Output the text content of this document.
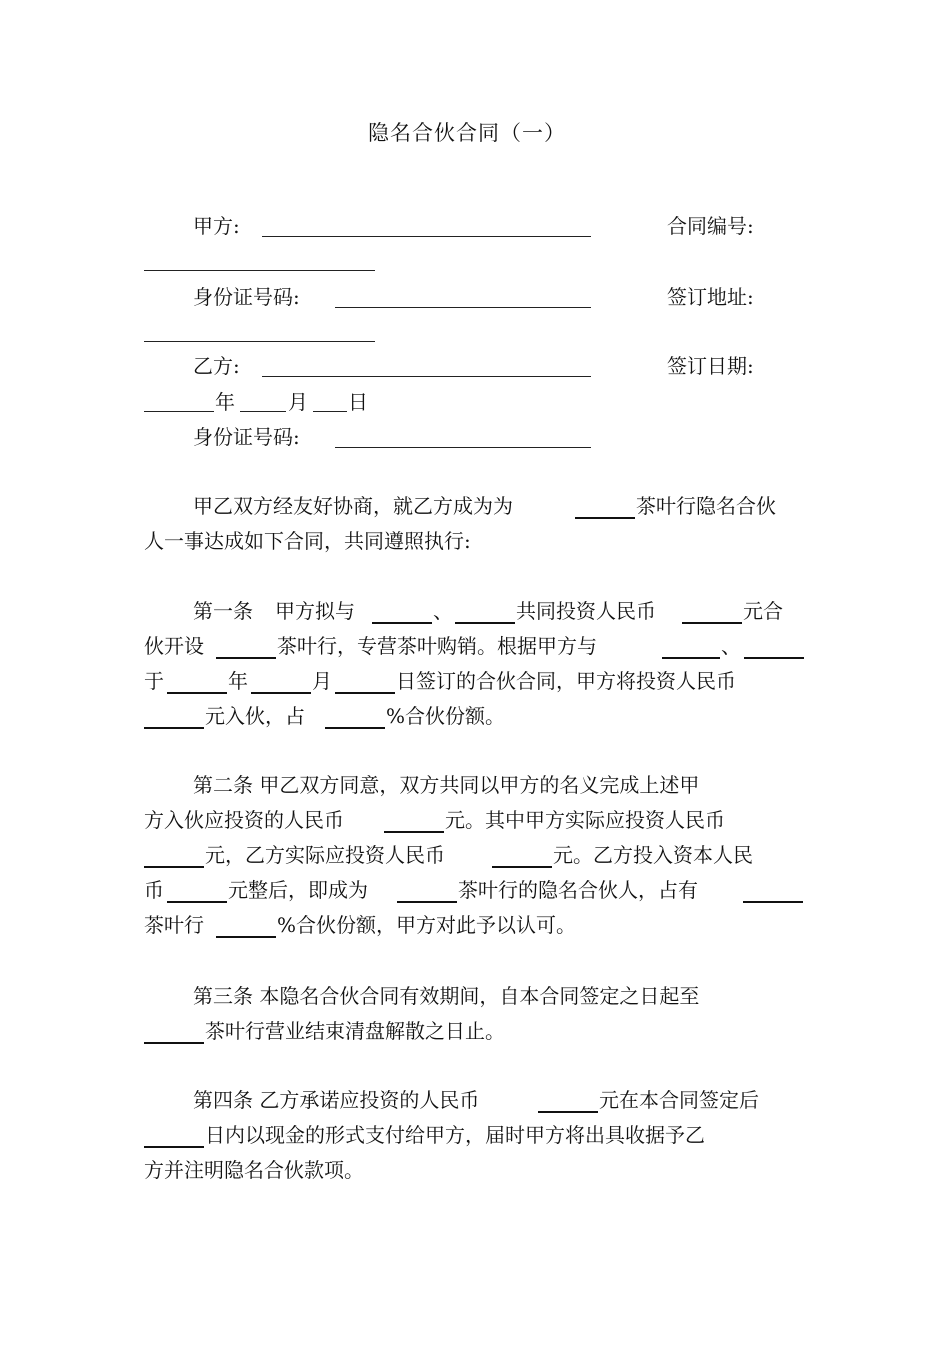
隐名合伙合同（一）
甲方:	合同编号:
身份证号码:	签订地址:
乙方:	签订日期:
年	月 日
身份证号码:
甲乙双方经友好协商，就乙方成为为	茶叶行隐名合伙
人一事达成如下合同，共同遵照执行:
第一条 甲方拟与	、	共同投资人民币	元合
伙开设	茶叶行，专营茶叶购销。根据甲方与	、
于	年	月	日签订的合伙合同，甲方将投资人民币
元入伙，占	%合伙份额。
第二条 甲乙双方同意，双方共同以甲方的名义完成上述甲
方入伙应投资的人民币	元。其中甲方实际应投资人民币
元，乙方实际应投资人民币	元。乙方投入资本人民
币	元整后，即成为	茶叶行的隐名合伙人，占有
茶叶行	%合伙份额，甲方对此予以认可。
第三条 本隐名合伙合同有效期间，自本合同签定之日起至
茶叶行营业结束清盘解散之日止。
第四条 乙方承诺应投资的人民币	元在本合同签定后
日内以现金的形式支付给甲方，届时甲方将出具收据予乙
方并注明隐名合伙款项。
